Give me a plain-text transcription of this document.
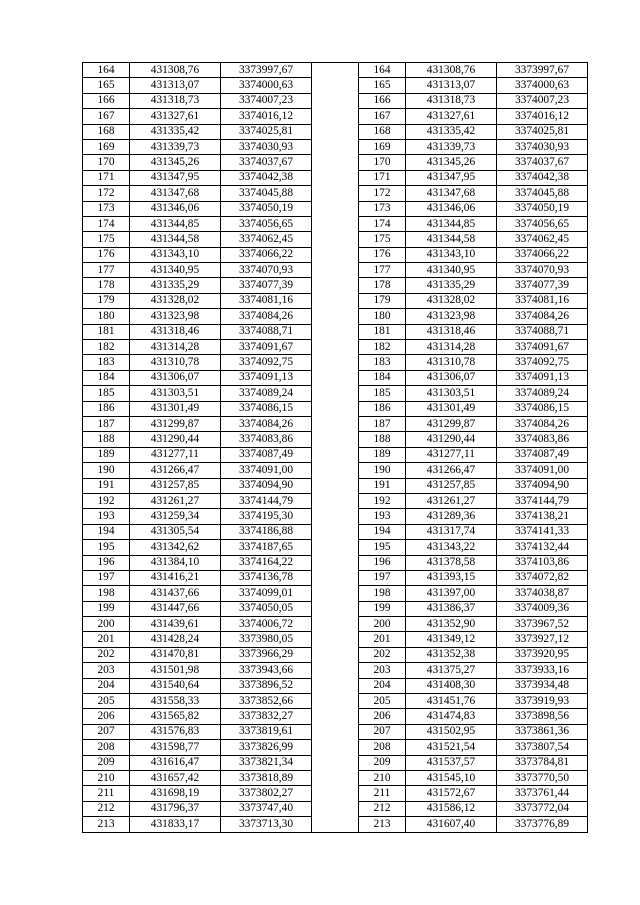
164	431308,76	3373997,67		164	431308,76	3373997,67
165	431313,07	3374000,63		165	431313,07	3374000,63
166	431318,73	3374007,23		166	431318,73	3374007,23
167	431327,61	3374016,12		167	431327,61	3374016,12
168	431335,42	3374025,81		168	431335,42	3374025,81
169	431339,73	3374030,93		169	431339,73	3374030,93
170	431345,26	3374037,67		170	431345,26	3374037,67
171	431347,95	3374042,38		171	431347,95	3374042,38
172	431347,68	3374045,88		172	431347,68	3374045,88
173	431346,06	3374050,19		173	431346,06	3374050,19
174	431344,85	3374056,65		174	431344,85	3374056,65
175	431344,58	3374062,45		175	431344,58	3374062,45
176	431343,10	3374066,22		176	431343,10	3374066,22
177	431340,95	3374070,93		177	431340,95	3374070,93
178	431335,29	3374077,39		178	431335,29	3374077,39
179	431328,02	3374081,16		179	431328,02	3374081,16
180	431323,98	3374084,26		180	431323,98	3374084,26
181	431318,46	3374088,71		181	431318,46	3374088,71
182	431314,28	3374091,67		182	431314,28	3374091,67
183	431310,78	3374092,75		183	431310,78	3374092,75
184	431306,07	3374091,13		184	431306,07	3374091,13
185	431303,51	3374089,24		185	431303,51	3374089,24
186	431301,49	3374086,15		186	431301,49	3374086,15
187	431299,87	3374084,26		187	431299,87	3374084,26
188	431290,44	3374083,86		188	431290,44	3374083,86
189	431277,11	3374087,49		189	431277,11	3374087,49
190	431266,47	3374091,00		190	431266,47	3374091,00
191	431257,85	3374094,90		191	431257,85	3374094,90
192	431261,27	3374144,79		192	431261,27	3374144,79
193	431259,34	3374195,30		193	431289,36	3374138,21
194	431305,54	3374186,88		194	431317,74	3374141,33
195	431342,62	3374187,65		195	431343,22	3374132,44
196	431384,10	3374164,22		196	431378,58	3374103,86
197	431416,21	3374136,78		197	431393,15	3374072,82
198	431437,66	3374099,01		198	431397,00	3374038,87
199	431447,66	3374050,05		199	431386,37	3374009,36
200	431439,61	3374006,72		200	431352,90	3373967,52
201	431428,24	3373980,05		201	431349,12	3373927,12
202	431470,81	3373966,29		202	431352,38	3373920,95
203	431501,98	3373943,66		203	431375,27	3373933,16
204	431540,64	3373896,52		204	431408,30	3373934,48
205	431558,33	3373852,66		205	431451,76	3373919,93
206	431565,82	3373832,27		206	431474,83	3373898,56
207	431576,83	3373819,61		207	431502,95	3373861,36
208	431598,77	3373826,99		208	431521,54	3373807,54
209	431616,47	3373821,34		209	431537,57	3373784,81
210	431657,42	3373818,89		210	431545,10	3373770,50
211	431698,19	3373802,27		211	431572,67	3373761,44
212	431796,37	3373747,40		212	431586,12	3373772,04
213	431833,17	3373713,30		213	431607,40	3373776,89
